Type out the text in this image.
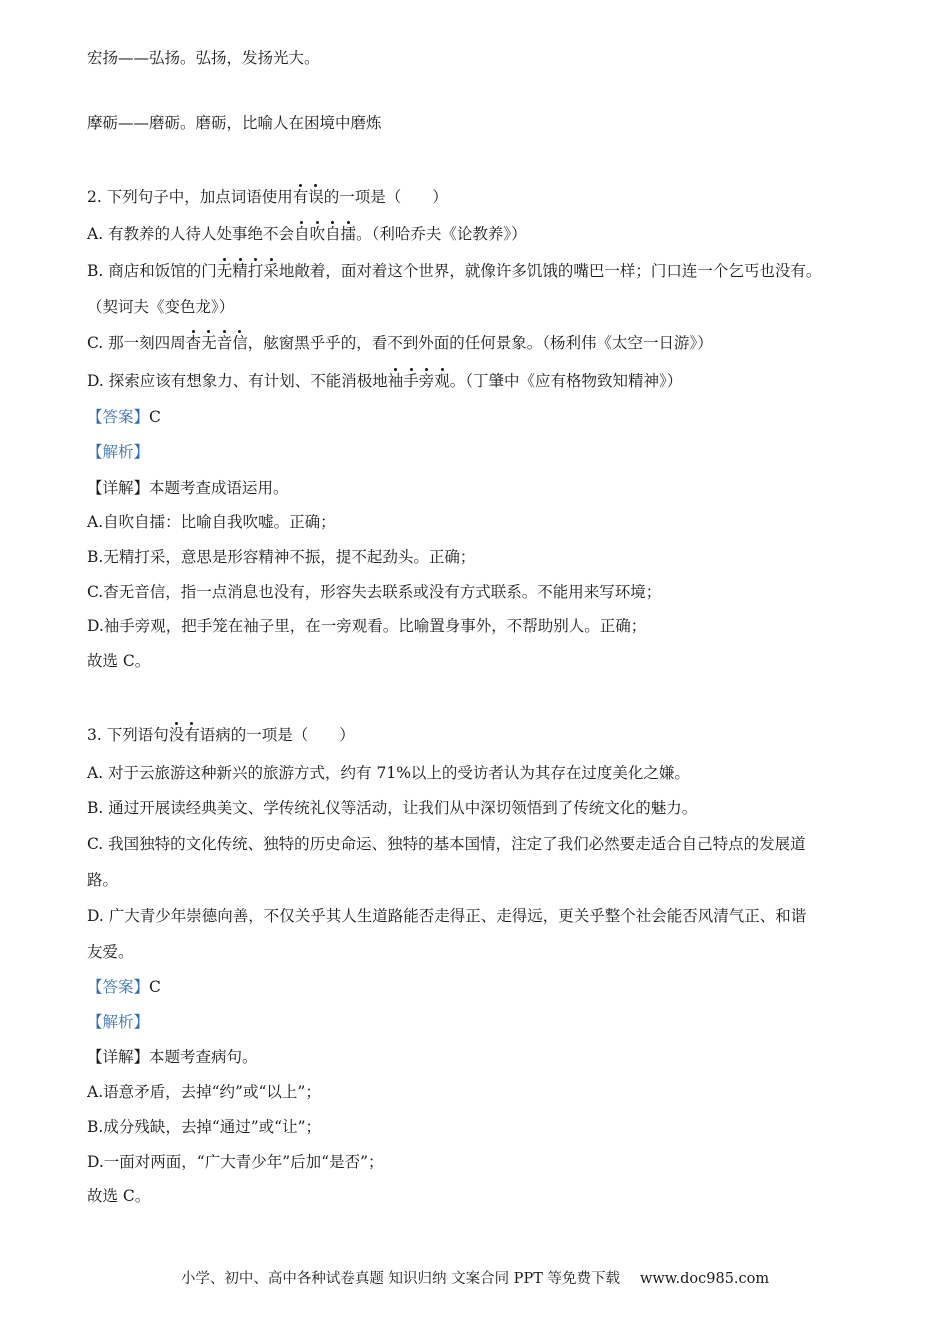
宏扬——弘扬。弘扬，发扬光大。
摩砺——磨砺。磨砺，比喻人在困境中磨炼
2. 下列句子中，加点词语使用有误的一项是（　　）
A. 有教养的人待人处事绝不会自吹自擂。（利哈乔夫《论教养》）
B. 商店和饭馆的门无精打采地敞着，面对着这个世界，就像许多饥饿的嘴巴一样；门口连一个乞丐也没有。
（契诃夫《变色龙》）
C. 那一刻四周杳无音信，舷窗黑乎乎的，看不到外面的任何景象。（杨利伟《太空一日游》）
D. 探索应该有想象力、有计划、不能消极地袖手旁观。（丁肇中《应有格物致知精神》）
【答案】C
【解析】
【详解】本题考查成语运用。
A.自吹自擂：比喻自我吹嘘。正确；
B.无精打采，意思是形容精神不振，提不起劲头。正确；
C.杳无音信，指一点消息也没有，形容失去联系或没有方式联系。不能用来写环境；
D.袖手旁观，把手笼在袖子里，在一旁观看。比喻置身事外，不帮助别人。正确；
故选 C。
3. 下列语句没有语病的一项是（　　）
A. 对于云旅游这种新兴的旅游方式，约有 71%以上的受访者认为其存在过度美化之嫌。
B. 通过开展读经典美文、学传统礼仪等活动，让我们从中深切领悟到了传统文化的魅力。
C. 我国独特的文化传统、独特的历史命运、独特的基本国情，注定了我们必然要走适合自己特点的发展道
路。
D. 广大青少年崇德向善，不仅关乎其人生道路能否走得正、走得远，更关乎整个社会能否风清气正、和谐
友爱。
【答案】C
【解析】
【详解】本题考查病句。
A.语意矛盾，去掉“约”或“以上”；
B.成分残缺，去掉“通过”或“让”；
D.一面对两面，“广大青少年”后加“是否”；
故选 C。
小学、初中、高中各种试卷真题 知识归纳 文案合同 PPT 等免费下载 www.doc985.com
